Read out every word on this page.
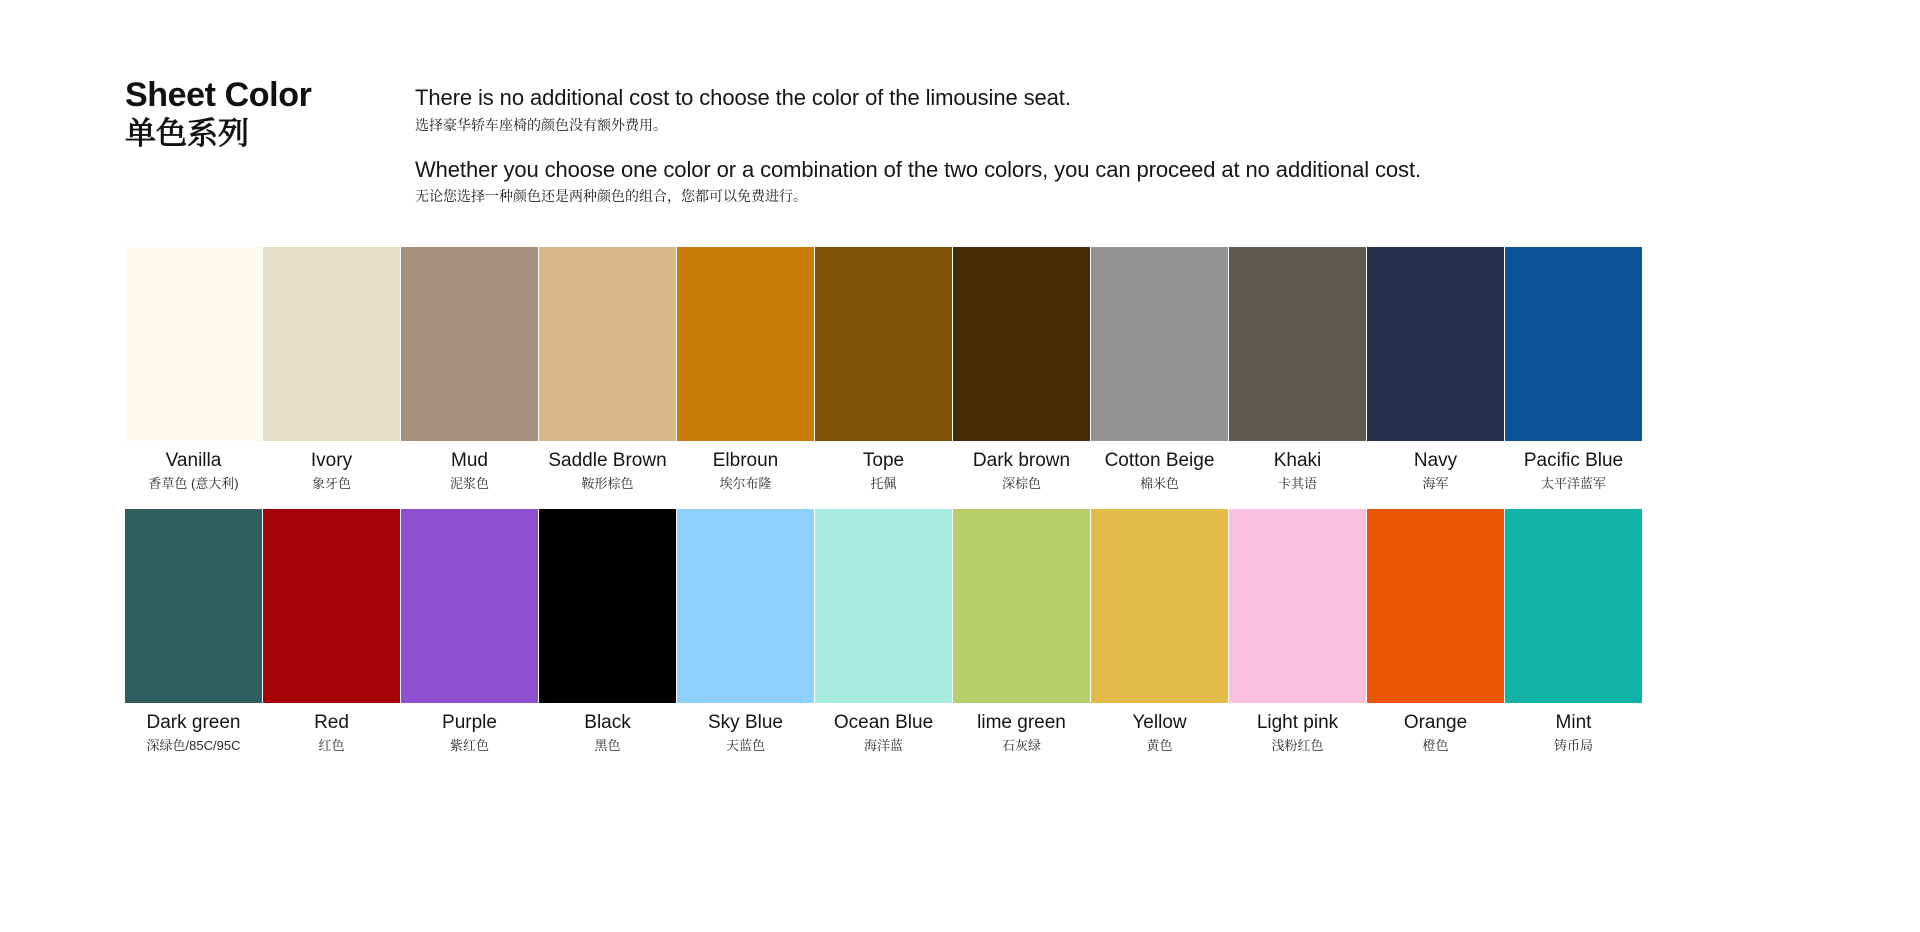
Sheet Color
单色系列
There is no additional cost to choose the color of the limousine seat.
选择豪华轿车座椅的颜色没有额外费用。
Whether you choose one color or a combination of the two colors, you can proceed at no additional cost.
无论您选择一种颜色还是两种颜色的组合，您都可以免费进行。
Vanilla
香草色 (意大利)
Ivory
象牙色
Mud
泥浆色
Saddle Brown
鞍形棕色
Elbroun
埃尔布隆
Tope
托佩
Dark brown
深棕色
Cotton Beige
棉米色
Khaki
卡其语
Navy
海军
Pacific Blue
太平洋蓝军
Dark green
深绿色/85C/95C
Red
红色
Purple
紫红色
Black
黑色
Sky Blue
天蓝色
Ocean Blue
海洋蓝
lime green
石灰绿
Yellow
黄色
Light pink
浅粉红色
Orange
橙色
Mint
铸币局
